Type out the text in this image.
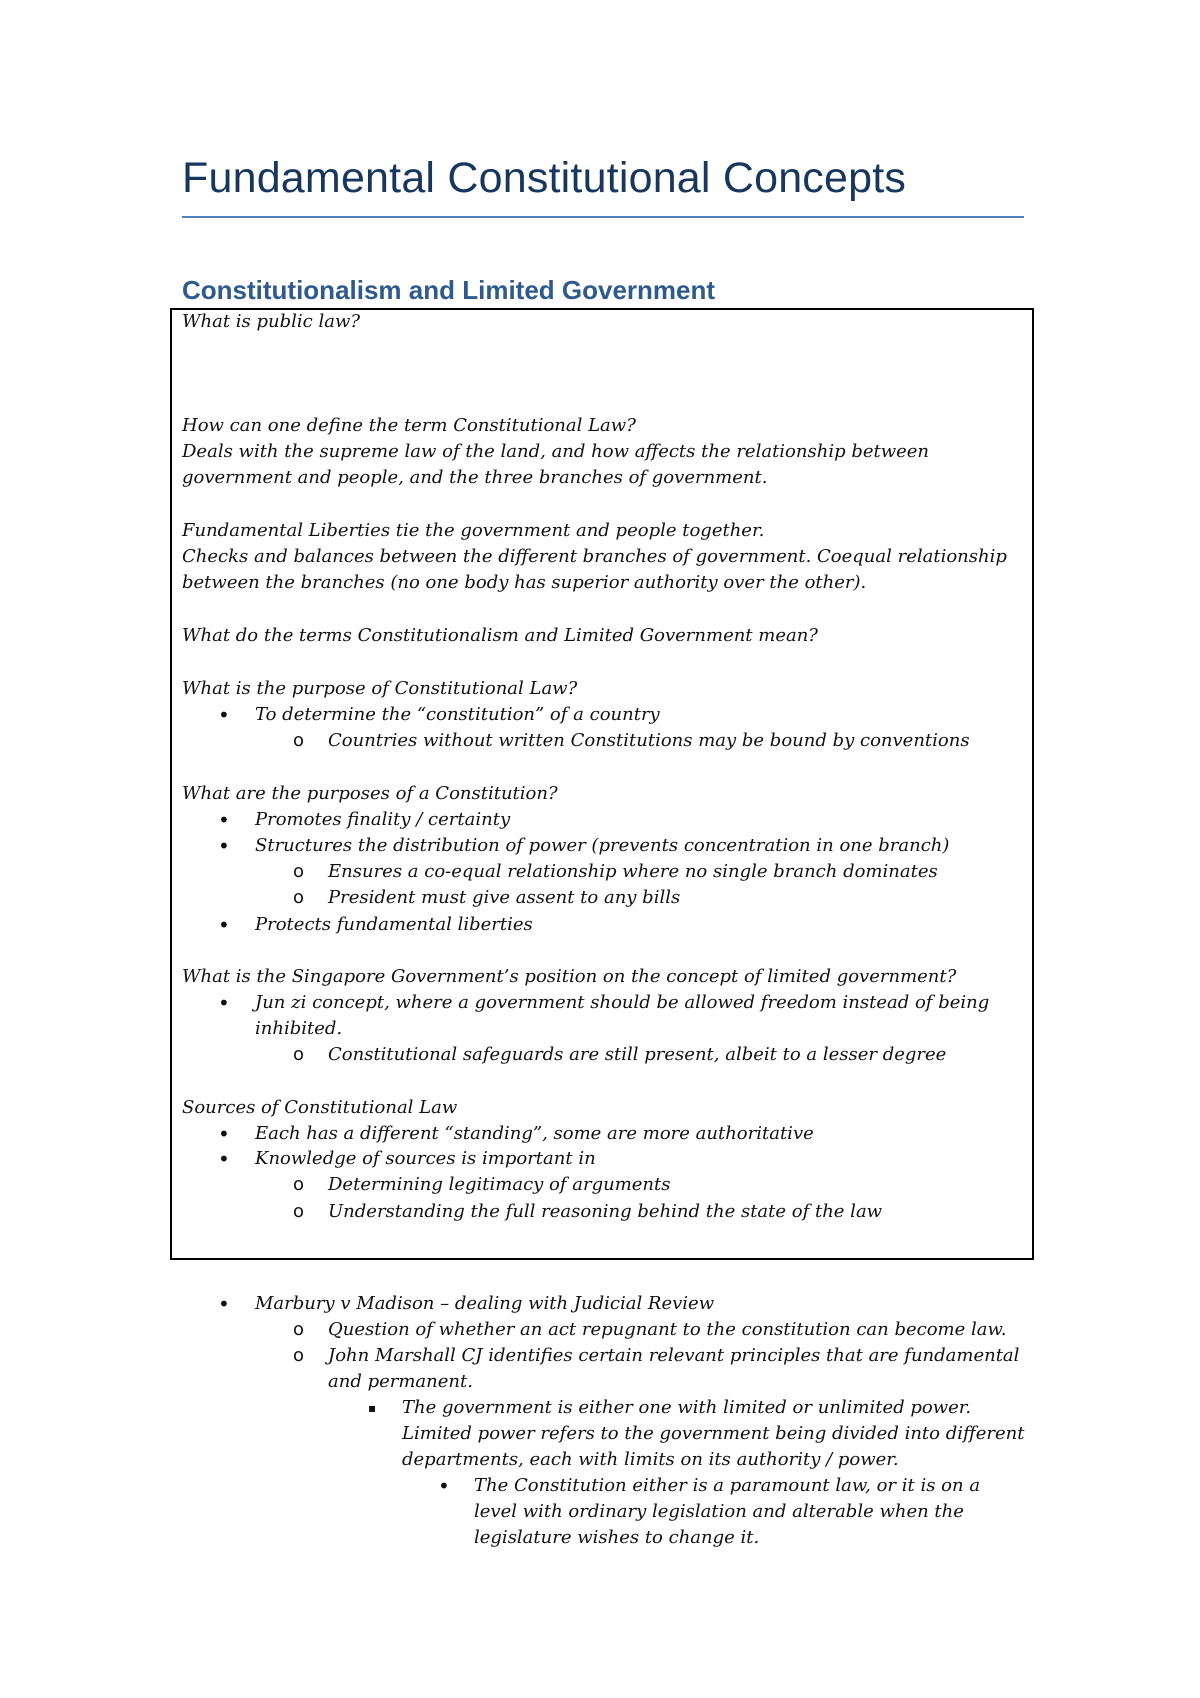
Fundamental Constitutional Concepts
Constitutionalism and Limited Government
What is public law?
How can one define the term Constitutional Law?
Deals with the supreme law of the land, and how affects the relationship between
government and people, and the three branches of government.
Fundamental Liberties tie the government and people together.
Checks and balances between the different branches of government. Coequal relationship
between the branches (no one body has superior authority over the other).
What do the terms Constitutionalism and Limited Government mean?
What is the purpose of Constitutional Law?
• To determine the “constitution” of a country
o Countries without written Constitutions may be bound by conventions
What are the purposes of a Constitution?
• Promotes finality / certainty
• Structures the distribution of power (prevents concentration in one branch)
o Ensures a co-equal relationship where no single branch dominates
o President must give assent to any bills
• Protects fundamental liberties
What is the Singapore Government’s position on the concept of limited government?
• Jun zi concept, where a government should be allowed freedom instead of being
inhibited.
o Constitutional safeguards are still present, albeit to a lesser degree
Sources of Constitutional Law
• Each has a different “standing”, some are more authoritative
• Knowledge of sources is important in
o Determining legitimacy of arguments
o Understanding the full reasoning behind the state of the law
• Marbury v Madison – dealing with Judicial Review
o Question of whether an act repugnant to the constitution can become law.
o John Marshall CJ identifies certain relevant principles that are fundamental
and permanent.
▪ The government is either one with limited or unlimited power.
Limited power refers to the government being divided into different
departments, each with limits on its authority / power.
• The Constitution either is a paramount law, or it is on a
level with ordinary legislation and alterable when the
legislature wishes to change it.
